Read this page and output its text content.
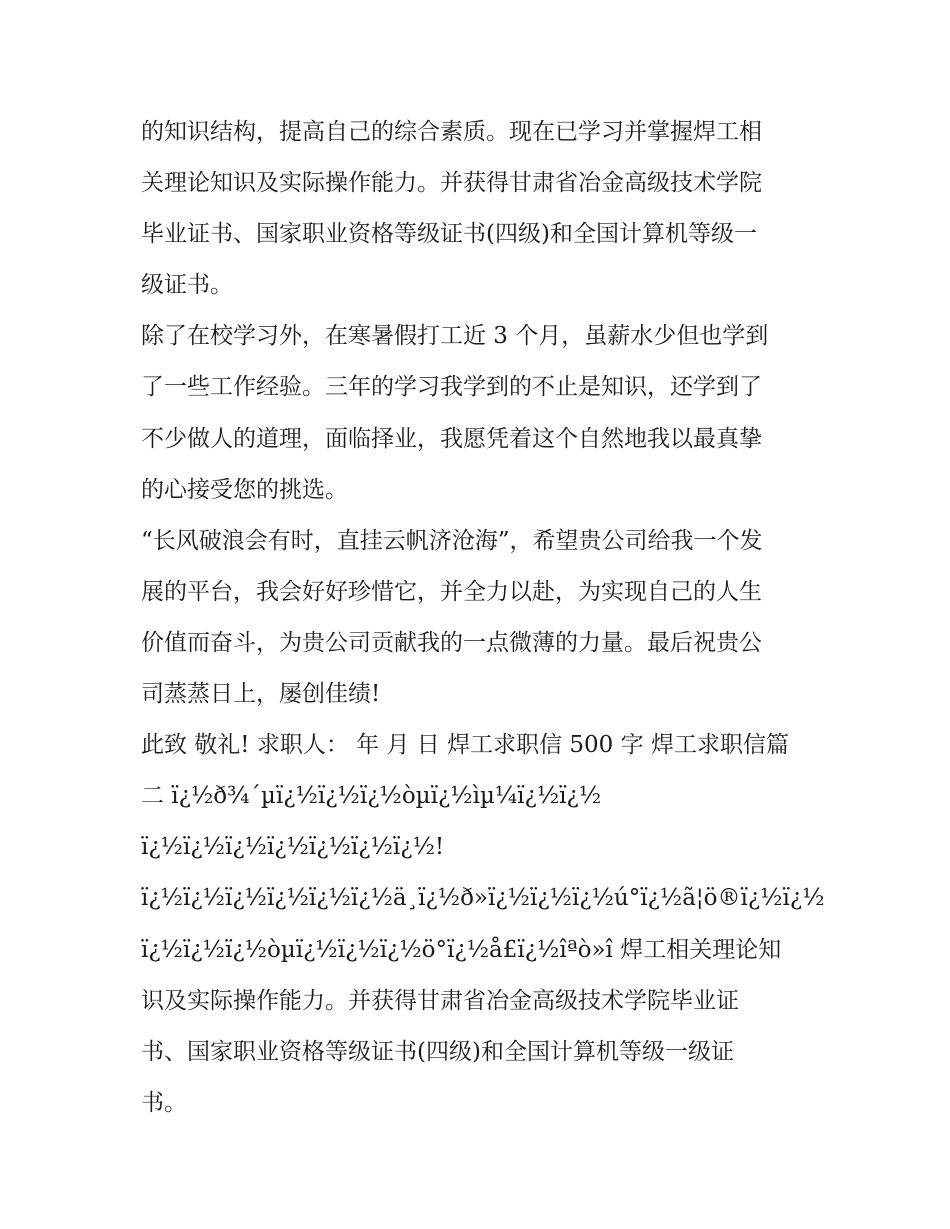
的知识结构，提高自己的综合素质。现在已学习并掌握焊工相
关理论知识及实际操作能力。并获得甘肃省冶金高级技术学院
毕业证书、国家职业资格等级证书(四级)和全国计算机等级一
级证书。
除了在校学习外，在寒暑假打工近 3 个月，虽薪水少但也学到
了一些工作经验。三年的学习我学到的不止是知识，还学到了
不少做人的道理，面临择业，我愿凭着这个自然地我以最真挚
的心接受您的挑选。
“长风破浪会有时，直挂云帆济沧海”，希望贵公司给我一个发
展的平台，我会好好珍惜它，并全力以赴，为实现自己的人生
价值而奋斗，为贵公司贡献我的一点微薄的力量。最后祝贵公
司蒸蒸日上，屡创佳绩!
此致 敬礼! 求职人： 年 月 日 焊工求职信 500 字 焊工求职信篇
二 ï¿½ð¾´µï¿½ï¿½ï¿½òµï¿½ìµ¼ï¿½ï¿½
ï¿½ï¿½ï¿½ï¿½ï¿½ï¿½ï¿½!
ï¿½ï¿½ï¿½ï¿½ï¿½ï¿½ä¸ï¿½ð»ï¿½ï¿½ï¿½ú°ï¿½ã¦ö®ï¿½ï¿½
ï¿½ï¿½ï¿½òµï¿½ï¿½ï¿½ö°ï¿½å£ï¿½îªò»î 焊工相关理论知
识及实际操作能力。并获得甘肃省冶金高级技术学院毕业证
书、国家职业资格等级证书(四级)和全国计算机等级一级证
书。
